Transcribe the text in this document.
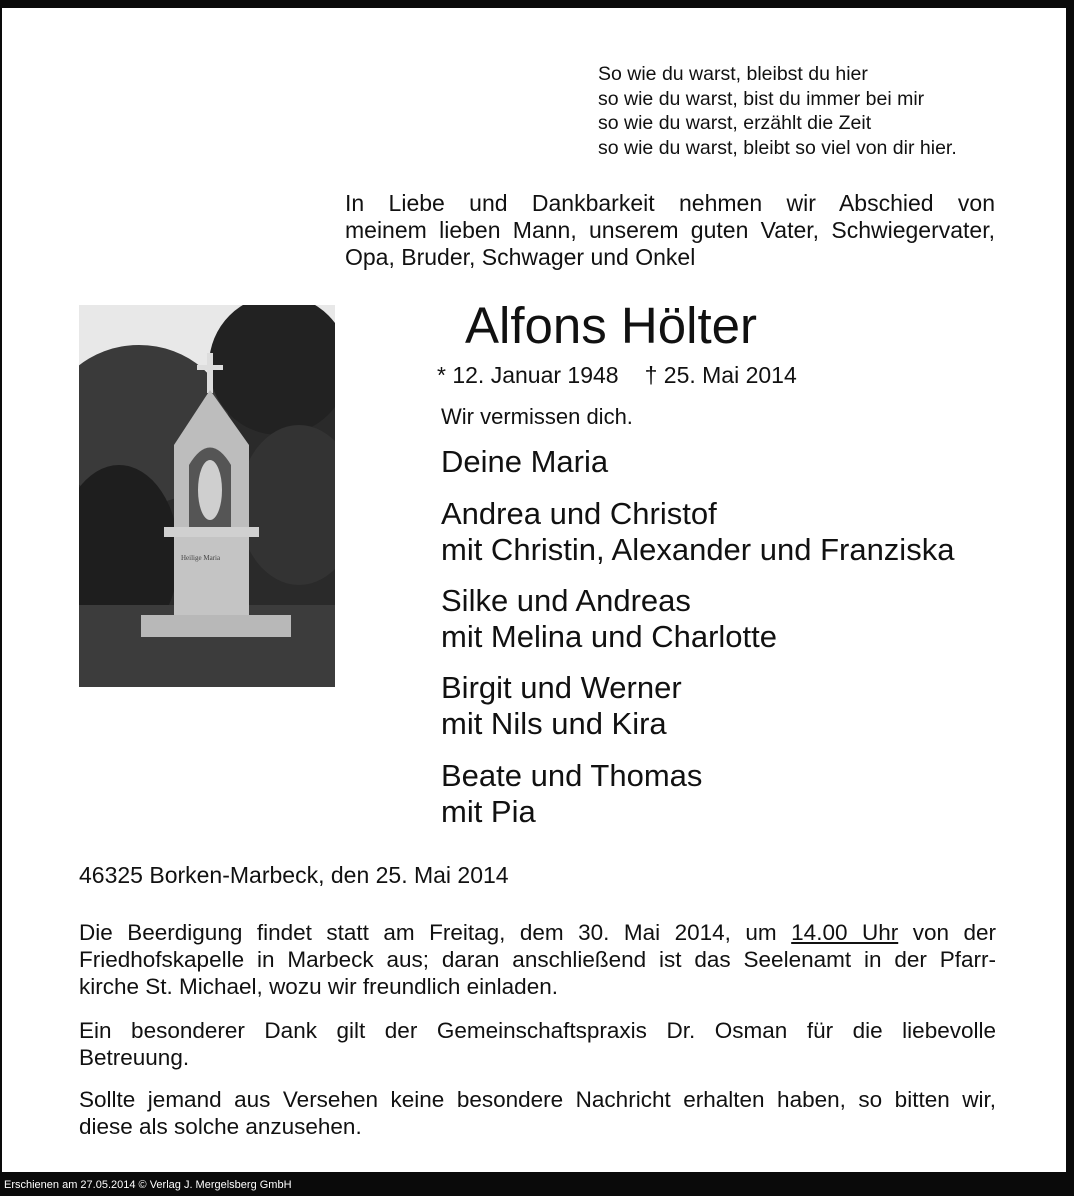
So wie du warst, bleibst du hier
so wie du warst, bist du immer bei mir
so wie du warst, erzählt die Zeit
so wie du warst, bleibt so viel von dir hier.
In Liebe und Dankbarkeit nehmen wir Abschied von
meinem lieben Mann, unserem guten Vater, Schwiegervater,
Opa, Bruder, Schwager und Onkel
Heilige Maria
Alfons Hölter
* 12. Januar 1948 † 25. Mai 2014
Wir vermissen dich.
Deine Maria
Andrea und Christof
mit Christin, Alexander und Franziska
Silke und Andreas
mit Melina und Charlotte
Birgit und Werner
mit Nils und Kira
Beate und Thomas
mit Pia
46325 Borken-Marbeck, den 25. Mai 2014
Die Beerdigung findet statt am Freitag, dem 30. Mai 2014, um 14.00 Uhr von der
Friedhofskapelle in Marbeck aus; daran anschließend ist das Seelenamt in der Pfarr-
kirche St. Michael, wozu wir freundlich einladen.
Ein besonderer Dank gilt der Gemeinschaftspraxis Dr. Osman für die liebevolle
Betreuung.
Sollte jemand aus Versehen keine besondere Nachricht erhalten haben, so bitten wir,
diese als solche anzusehen.
Erschienen am 27.05.2014 © Verlag J. Mergelsberg GmbH
